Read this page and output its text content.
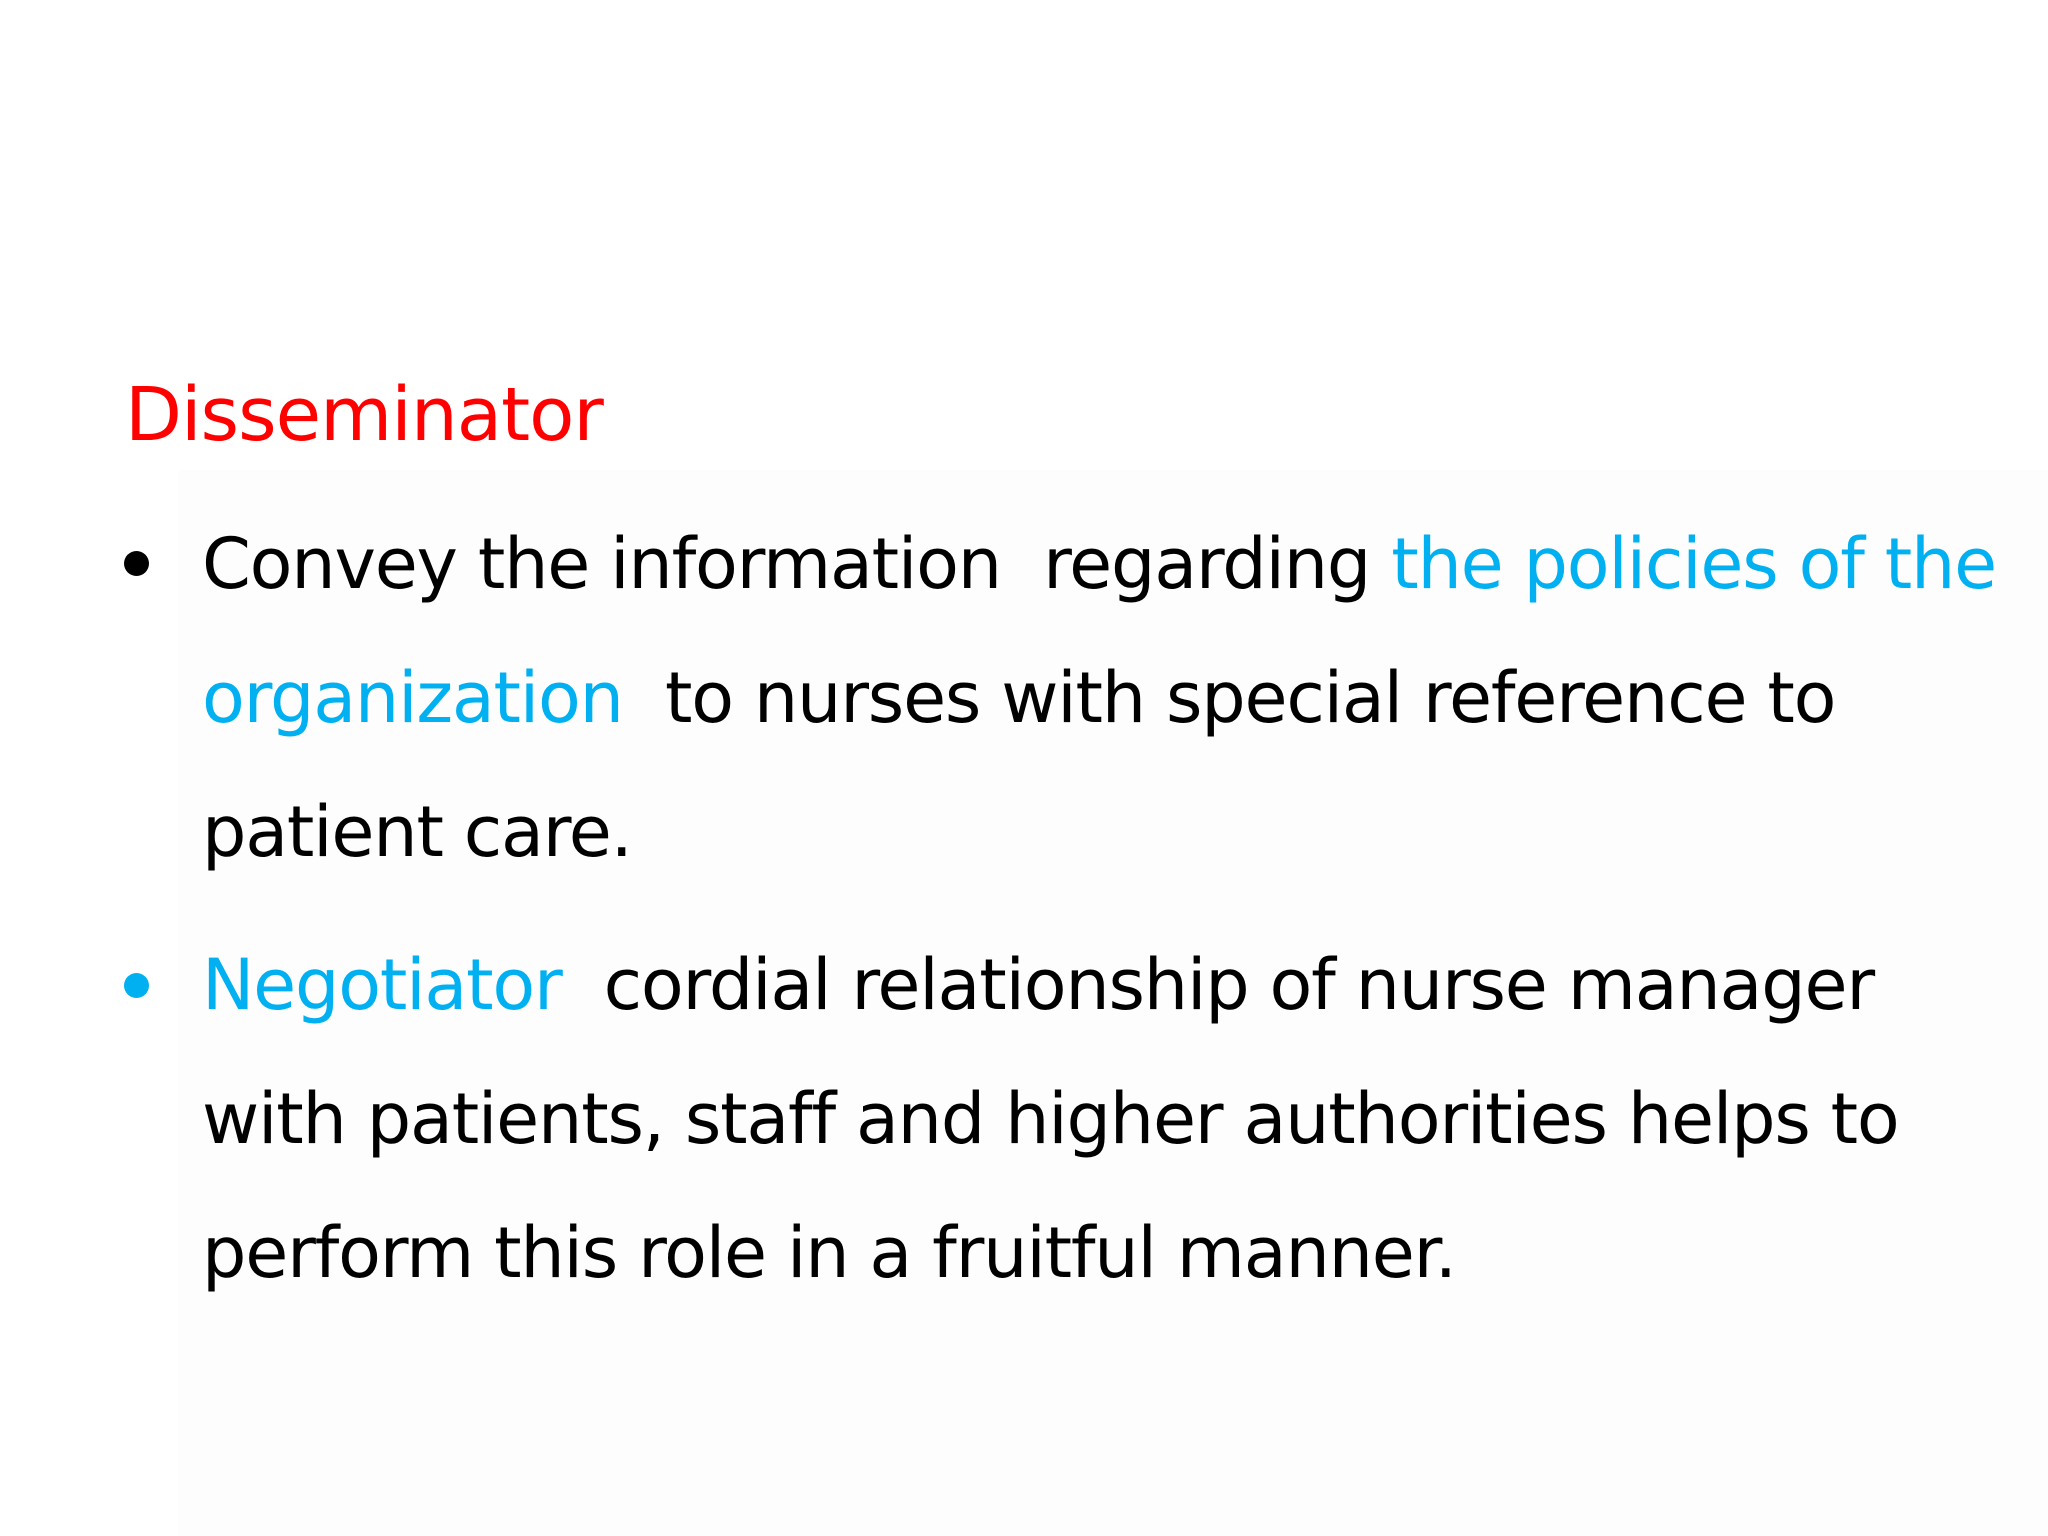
Disseminator

Convey the information  regarding the policies of the
organization  to nurses with special reference to
patient care.

Negotiator  cordial relationship of nurse manager
with patients, staff and higher authorities helps to
perform this role in a fruitful manner.
